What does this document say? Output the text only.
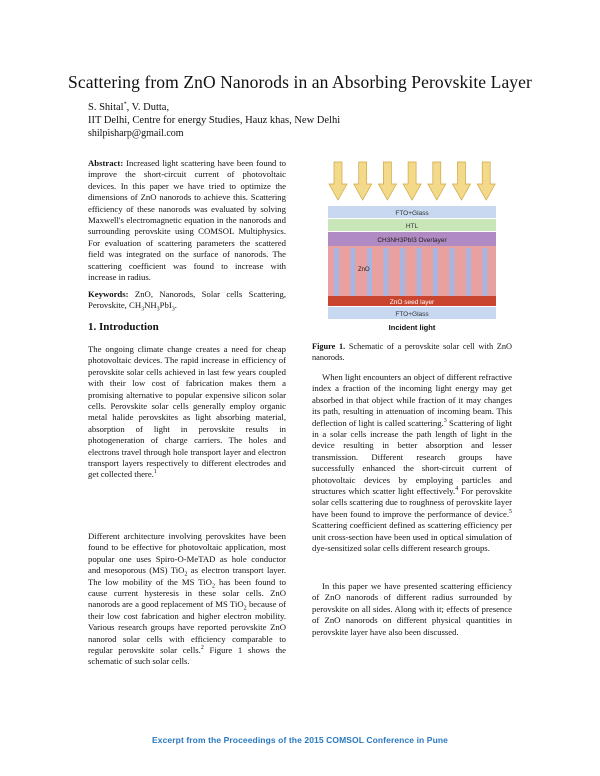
Scattering from ZnO Nanorods in an Absorbing Perovskite Layer
S. Shital*, V. Dutta,
IIT Delhi, Centre for energy Studies, Hauz khas, New Delhi
shilpisharp@gmail.com
Abstract: Increased light scattering have been found to improve the short-circuit current of photovoltaic devices. In this paper we have tried to optimize the dimensions of ZnO nanorods to achieve this. Scattering efficiency of these nanorods was evaluated by solving Maxwell's electromagnetic equation in the nanorods and surrounding perovskite using COMSOL Multiphysics. For evaluation of scattering parameters the scattered field was integrated on the surface of nanorods. The scattering coefficient was found to increase with increase in radius.
Keywords: ZnO, Nanorods, Solar cells Scattering, Perovskite, $CH_3NH_3PbI_3$.
1. Introduction
The ongoing climate change creates a need for cheap photovoltaic devices. The rapid increase in efficiency of perovskite solar cells achieved in last few years coupled with their low cost of fabrication makes them a promising alternative to popular expensive silicon solar cells. Perovskite solar cells generally employ organic metal halide perovskites as light absorbing material, absorption of light in perovskite results in photogeneration of charge carriers. The holes and electrons travel through hole transport layer and electron transport layers respectively to different electrodes and get collected there.$^1$
Different architecture involving perovskites have been found to be effective for photovoltaic application, most popular one uses Spiro-O-MeTAD as hole conductor and mesoporous (MS) TiO$_2$ as electron transport layer. The low mobility of the MS TiO$_2$ has been found to cause current hysteresis in these solar cells. ZnO nanorods are a good replacement of MS TiO$_2$ because of their low cost fabrication and higher electron mobility. Various research groups have reported perovskite ZnO nanorod solar cells with efficiency comparable to regular perovskite solar cells.$^2$ Figure 1 shows the schematic of such solar cells.
FTO+Glass
HTL
CH3NH3PbI3 Overlayer
ZnO
ZnO seed layer
FTO+Glass
Incident light
Figure 1. Schematic of a perovskite solar cell with ZnO nanorods.
When light encounters an object of different refractive index a fraction of the incoming light energy may get absorbed in that object while fraction of it may changes its path, resulting in attenuation of incoming beam. This deflection of light is called scattering.$^3$ Scattering of light in a solar cells increase the path length of light in the device resulting in better absorption and lesser transmission. Different research groups have successfully enhanced the short-circuit current of photovoltaic devices by employing particles and structures which scatter light effectively.$^4$ For perovskite solar cells scattering due to roughness of perovskite layer have been found to improve the performance of device.$^5$ Scattering coefficient defined as scattering efficiency per unit cross-section have been used in optical simulation of dye-sensitized solar cells different research groups.
In this paper we have presented scattering efficiency of ZnO nanorods of different radius surrounded by perovskite on all sides. Along with it; effects of presence of ZnO nanorods on different physical quantities in perovskite layer have also been discussed.
Excerpt from the Proceedings of the 2015 COMSOL Conference in Pune
